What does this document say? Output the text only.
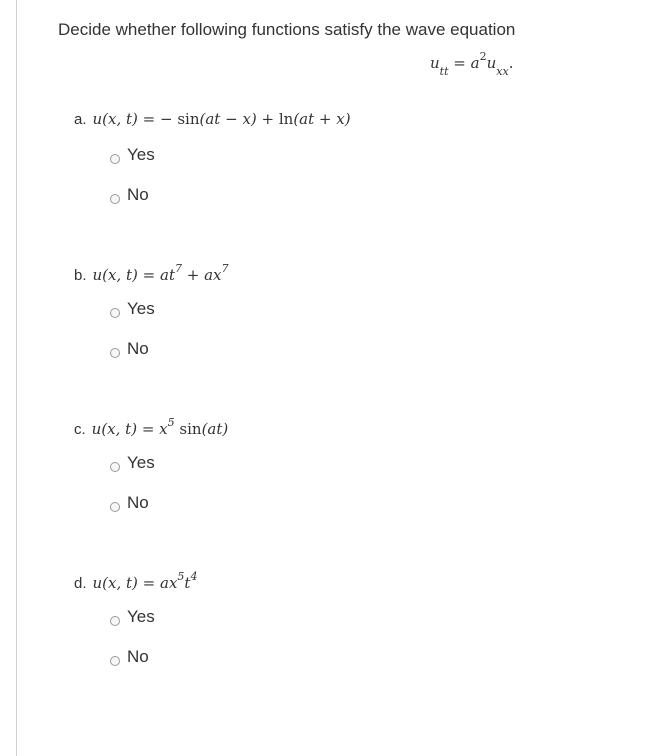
Decide whether following functions satisfy the wave equation
$u_{tt} = a^2u_{xx}$.
a. u(x, t) = − sin(at − x) + ln(at + x)
Yes
No
b. u(x, $t) = at^7 + ax^7$
Yes
No
c. u(x, $t) = x^5$ sin(at)
Yes
No
d. u(x, $t) = ax^5t^4$
Yes
No
